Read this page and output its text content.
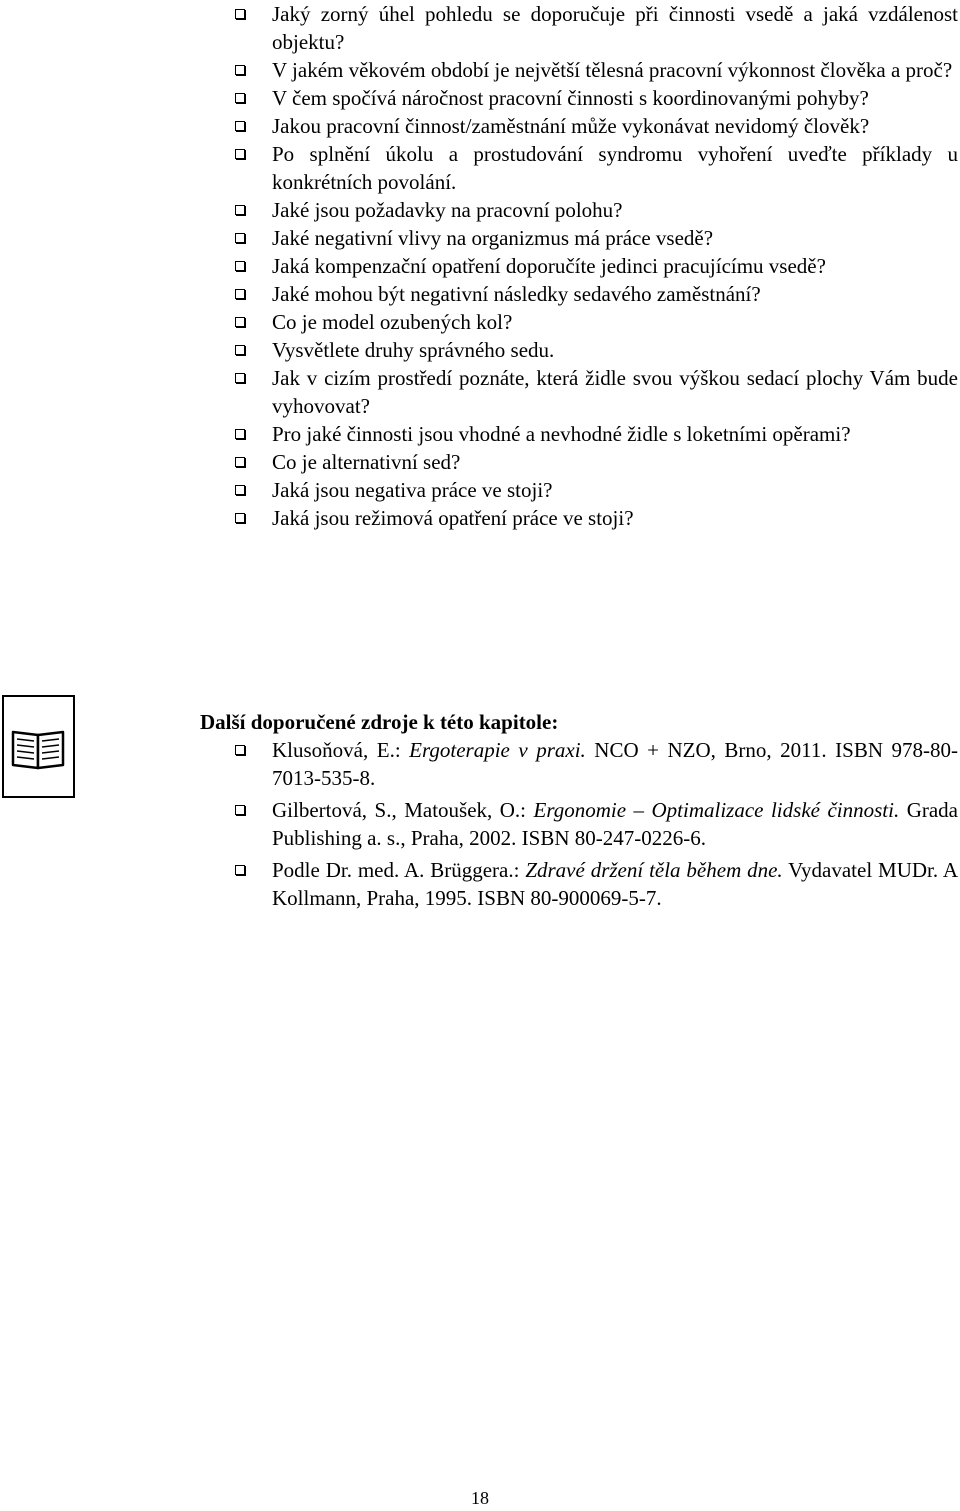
Jaký zorný úhel pohledu se doporučuje při činnosti vsedě a jaká vzdálenost objektu?
V jakém věkovém období je největší tělesná pracovní výkonnost člověka a proč?
V čem spočívá náročnost pracovní činnosti s koordinovanými pohyby?
Jakou pracovní činnost/zaměstnání může vykonávat nevidomý člověk?
Po splnění úkolu a prostudování syndromu vyhoření uveďte příklady u konkrétních povolání.
Jaké jsou požadavky na pracovní polohu?
Jaké negativní vlivy na organizmus má práce vsedě?
Jaká kompenzační opatření doporučíte jedinci pracujícímu vsedě?
Jaké mohou být negativní následky sedavého zaměstnání?
Co je model ozubených kol?
Vysvětlete druhy správného sedu.
Jak v cizím prostředí poznáte, která židle svou výškou sedací plochy Vám bude vyhovovat?
Pro jaké činnosti jsou vhodné a nevhodné židle s loketními opěrami?
Co je alternativní sed?
Jaká jsou negativa práce ve stoji?
Jaká jsou režimová opatření práce ve stoji?
Další doporučené zdroje k této kapitole:
Klusoňová, E.: Ergoterapie v praxi. NCO + NZO, Brno, 2011. ISBN 978-80-7013-535-8.
Gilbertová, S., Matoušek, O.: Ergonomie – Optimalizace lidské činnosti. Grada Publishing a. s., Praha, 2002. ISBN 80-247-0226-6.
Podle Dr. med. A. Brüggera.: Zdravé držení těla během dne. Vydavatel MUDr. A Kollmann, Praha, 1995. ISBN 80-900069-5-7.
18
